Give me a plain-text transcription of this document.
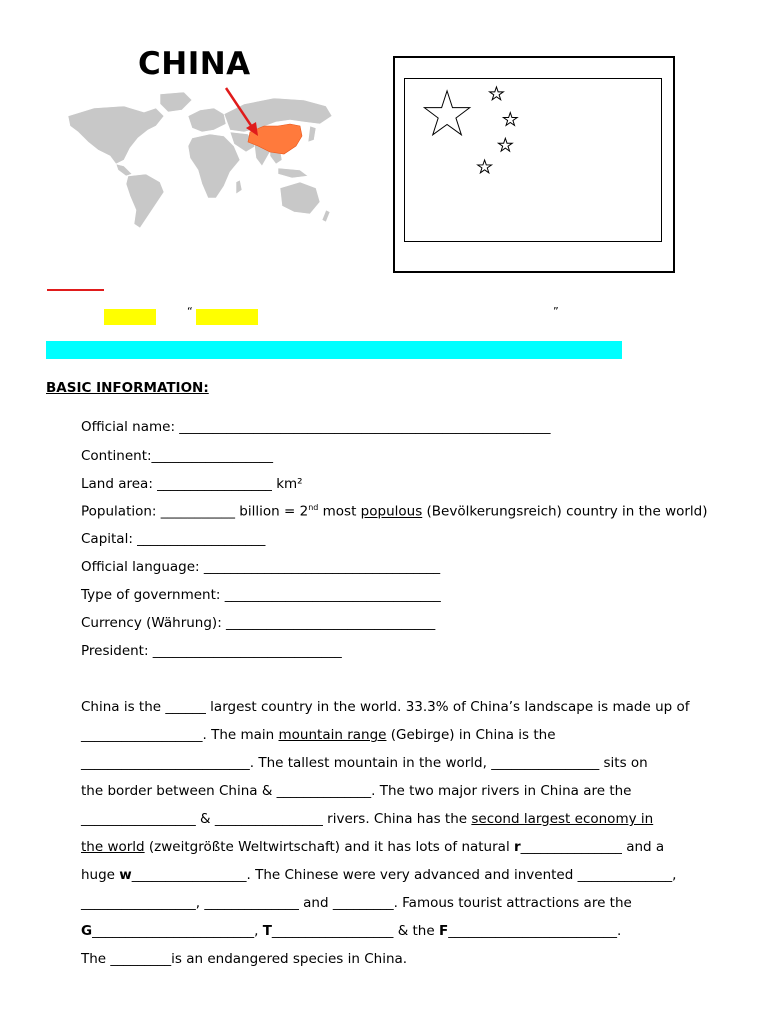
CHINA
“	”
BASIC INFORMATION:
Official name: _______________________________________________________
Continent:__________________
Land area: _________________ km²
Population: ___________ billion = 2nd most populous (Bevölkerungsreich) country in the world)
Capital: ___________________
Official language: ___________________________________
Type of government: ________________________________
Currency (Währung): _______________________________
President: ____________________________
China is the ______ largest country in the world. 33.3% of China’s landscape is made up of
__________________. The main mountain range (Gebirge) in China is the
_________________________. The tallest mountain in the world, ________________ sits on
the border between China & ______________. The two major rivers in China are the
_________________ & ________________ rivers. China has the second largest economy in
the world (zweitgrößte Weltwirtschaft) and it has lots of natural r_______________ and a
huge w_________________. The Chinese were very advanced and invented ______________,
_________________, ______________ and _________. Famous tourist attractions are the
G________________________, T__________________ & the F_________________________.
The _________is an endangered species in China.
